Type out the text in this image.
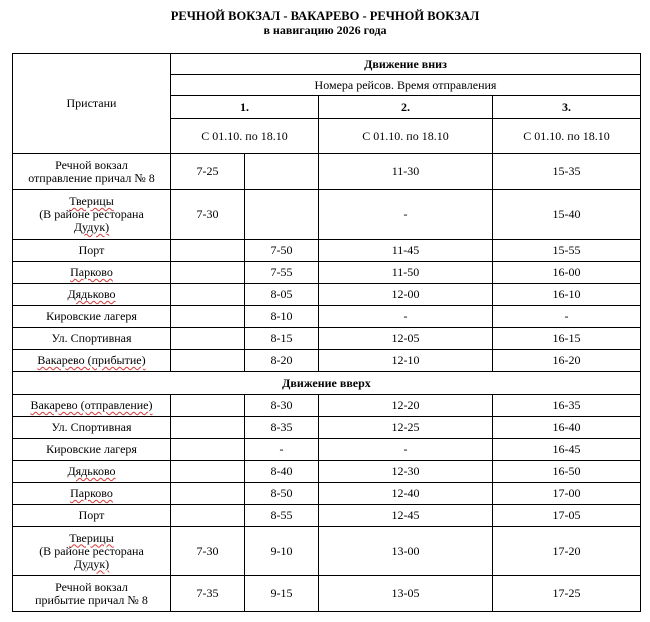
РЕЧНОЙ ВОКЗАЛ - ВАКАРЕВО - РЕЧНОЙ ВОКЗАЛ
в навигацию 2026 года
Пристани	Движение вниз			
	Номера рейсов. Время отправления			
	1.		2.	3.
	С 01.10. по 18.10		С 01.10. по 18.10	С 01.10. по 18.10
Речной вокзал
отправление причал № 8	7-25		11-30	15-35
Тверицы
(В районе ресторана
Дудук)	7-30		-	15-40
Порт		7-50	11-45	15-55
Парково		7-55	11-50	16-00
Дядьково		8-05	12-00	16-10
Кировские лагеря		8-10	-	-
Ул. Спортивная		8-15	12-05	16-15
Вакарево (прибытие)		8-20	12-10	16-20
Движение вверх				
Вакарево (отправление)		8-30	12-20	16-35
Ул. Спортивная		8-35	12-25	16-40
Кировские лагеря		-	-	16-45
Дядьково		8-40	12-30	16-50
Парково		8-50	12-40	17-00
Порт		8-55	12-45	17-05
Тверицы
(В районе ресторана
Дудук)	7-30	9-10	13-00	17-20
Речной вокзал
прибытие причал № 8	7-35	9-15	13-05	17-25
